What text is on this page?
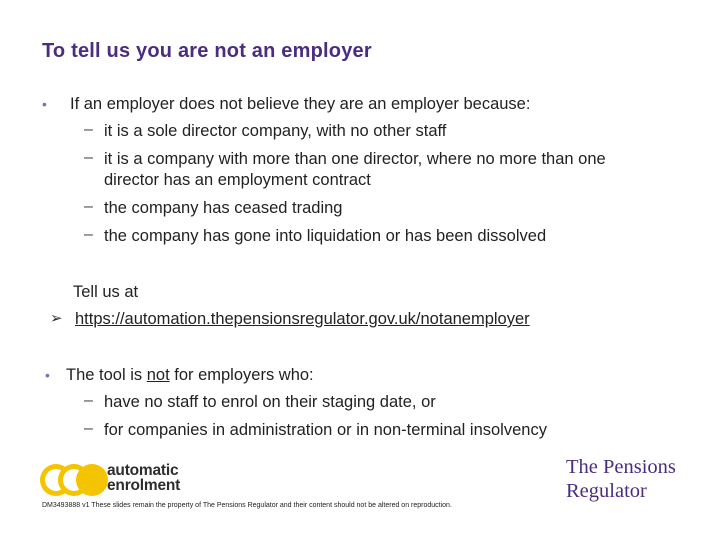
To tell us you are not an employer
• If an employer does not believe they are an employer because:
– it is a sole director company, with no other staff
– it is a company with more than one director, where no more than one
director has an employment contract
– the company has ceased trading
– the company has gone into liquidation or has been dissolved
Tell us at
➢ https://automation.thepensionsregulator.gov.uk/notanemployer
• The tool is not for employers who:
– have no staff to enrol on their staging date, or
– for companies in administration or in non-terminal insolvency
automatic
enrolment
The Pensions
Regulator
DM3493888 v1 These slides remain the property of The Pensions Regulator and their content should not be altered on reproduction.
